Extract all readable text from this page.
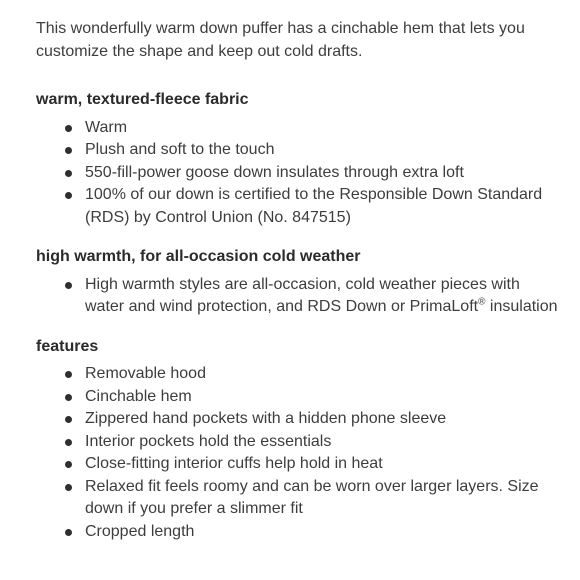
This wonderfully warm down puffer has a cinchable hem that lets you customize the shape and keep out cold drafts.

warm, textured-fleece fabric
Warm
Plush and soft to the touch
550-fill-power goose down insulates through extra loft
100% of our down is certified to the Responsible Down Standard (RDS) by Control Union (No. 847515)
high warmth, for all-occasion cold weather
High warmth styles are all-occasion, cold weather pieces with water and wind protection, and RDS Down or PrimaLoft® insulation
features
Removable hood
Cinchable hem
Zippered hand pockets with a hidden phone sleeve
Interior pockets hold the essentials
Close-fitting interior cuffs help hold in heat
Relaxed fit feels roomy and can be worn over larger layers. Size down if you prefer a slimmer fit
Cropped length
